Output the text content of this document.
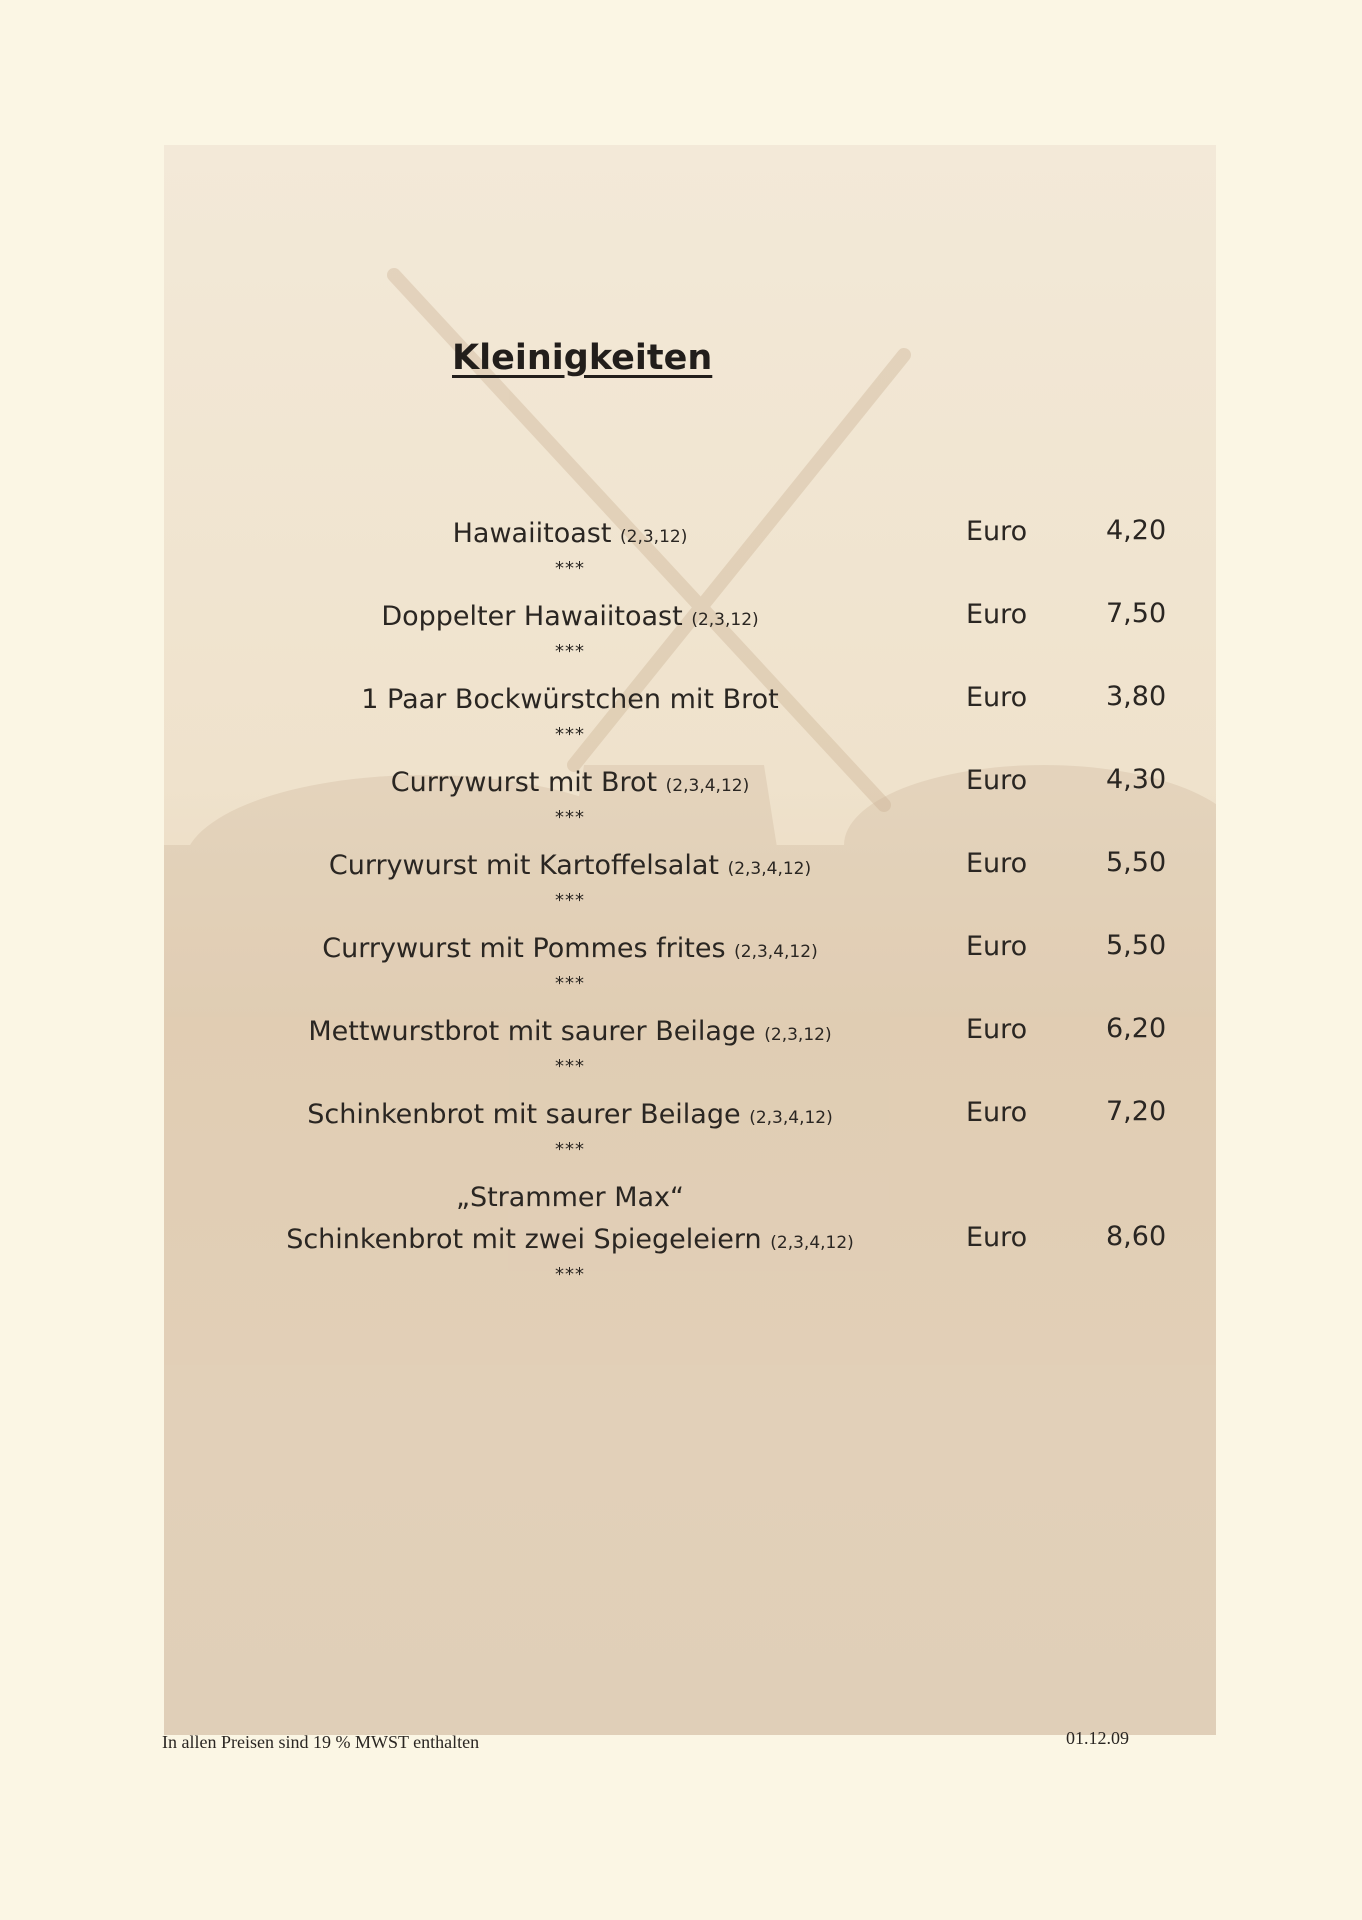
Kleinigkeiten
Hawaiitoast (2,3,12)
***
Euro	4,20
Doppelter Hawaiitoast (2,3,12)
***
Euro	7,50
1 Paar Bockwürstchen mit Brot
***
Euro	3,80
Currywurst mit Brot (2,3,4,12)
***
Euro	4,30
Currywurst mit Kartoffelsalat (2,3,4,12)
***
Euro	5,50
Currywurst mit Pommes frites (2,3,4,12)
***
Euro	5,50
Mettwurstbrot mit saurer Beilage (2,3,12)
***
Euro	6,20
Schinkenbrot mit saurer Beilage (2,3,4,12)
***
Euro	7,20
„Strammer Max“
Schinkenbrot mit zwei Spiegeleiern (2,3,4,12)
***
Euro	8,60
In allen Preisen sind 19 % MWST enthalten	01.12.09
